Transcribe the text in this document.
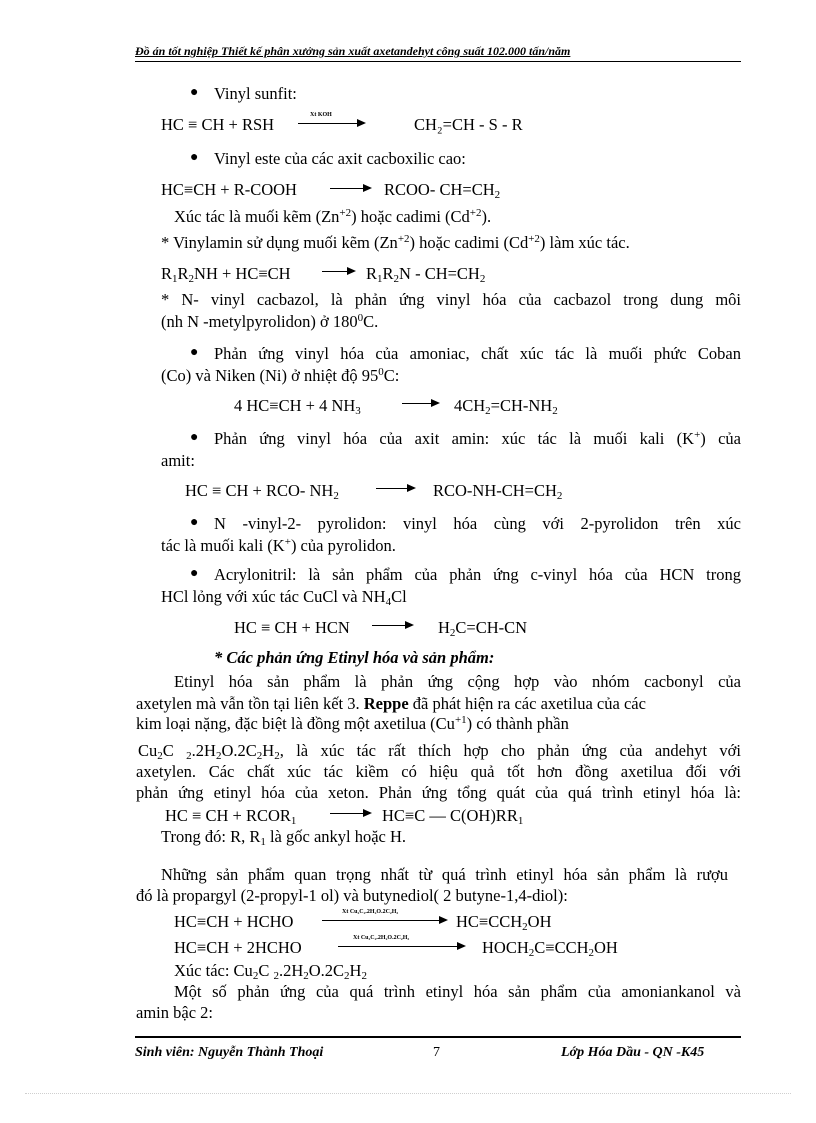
Đồ án tốt nghiệp Thiết kế phân xưởng sản xuất axetandehyt công suất 102.000 tấn/năm
● Vinyl sunfit:
HC ≡ CH + RSH	Xt KOH	CH₂=CH - S - R
● Vinyl este của các axit cacboxilic cao:
HC≡CH + R-COOH → RCOO- $CH=CH_2$
Xúc tác là muối kẽm $(Zn^{+2})$ hoặc cadimi $(Cd^{+2})$.
* Vinylamin sử dụng muối kẽm $(Zn^{+2})$ hoặc cadimi $(Cd^{+2})$ làm xúc tác.
$R_1R_2NH + HC\equiv CH \to R_1R_2N - CH=CH_2$
* N- vinyl cacbazol, là phản ứng vinyl hóa của cacbazol trong dung môi
(nh N -metylpyrolidon) ở $180^0C$.
● Phản ứng vinyl hóa của amoniac, chất xúc tác là muối phức Coban
(Co) và Niken (Ni) ở nhiệt độ $95^0C$:
4 HC≡CH + 4 $NH_3 \to 4CH_2=CH-NH_2$
● Phản ứng vinyl hóa của axit amin: xúc tác là muối kali (K+) của
amit:
HC ≡ CH + RCO- $NH_2 \to RCO-NH-CH=CH_2$
● N -vinyl-2- pyrolidon: vinyl hóa cùng với 2-pyrolidon trên xúc
tác là muối kali (K+) của pyrolidon.
● Acrylonitril: là sản phẩm của phản ứng c-vinyl hóa của HCN trong
HCl lỏng với xúc tác CuCl và $NH_4Cl$
HC ≡ CH + HCN → $H_2C=CH-CN$
* Các phản ứng Etinyl hóa và sản phẩm:
Etinyl hóa sản phẩm là phản ứng cộng hợp vào nhóm cacbonyl của
axetylen mà vẫn tồn tại liên kết 3. Reppe đã phát hiện ra các axetilua của các
kim loại nặng, đặc biệt là đồng một axetilua $(Cu^{+1})$ có thành phần
$Cu_2C$ $_2.2H_2O.2C_2H_2$, là xúc tác rất thích hợp cho phản ứng của andehyt với
axetylen. Các chất xúc tác kiềm có hiệu quả tốt hơn đồng axetilua đối với
phản ứng etinyl hóa của xeton. Phản ứng tổng quát của quá trình etinyl hóa là:
HC ≡ CH + $RCOR_1 \to HC\equiv C$ — $C(OH)RR_1$
Trong đó: R, $R_1$ là gốc ankyl hoặc H.
Những sản phẩm quan trọng nhất từ quá trình etinyl hóa sản phẩm là rượu
đó là propargyl (2-propyl-1 ol) và butynediol( 2 butyne-1,4-diol):
HC≡CH + HCHO	Xt Cu₂C₂.2H₂O.2C₂H₂	$HC\equiv CCH_2OH$
HC≡CH + 2HCHO	Xt Cu₂C₂.2H₂O.2C₂H₂	$HOCH_2C\equiv CCH_2OH$
Xúc tác: $Cu_2C$ $_2.2H_2O.2C_2H_2$
Một số phản ứng của quá trình etinyl hóa sản phẩm của amoniankanol và
amin bậc 2:
Sinh viên: Nguyễn Thành Thoại	7	Lớp Hóa Dầu - QN -K45
